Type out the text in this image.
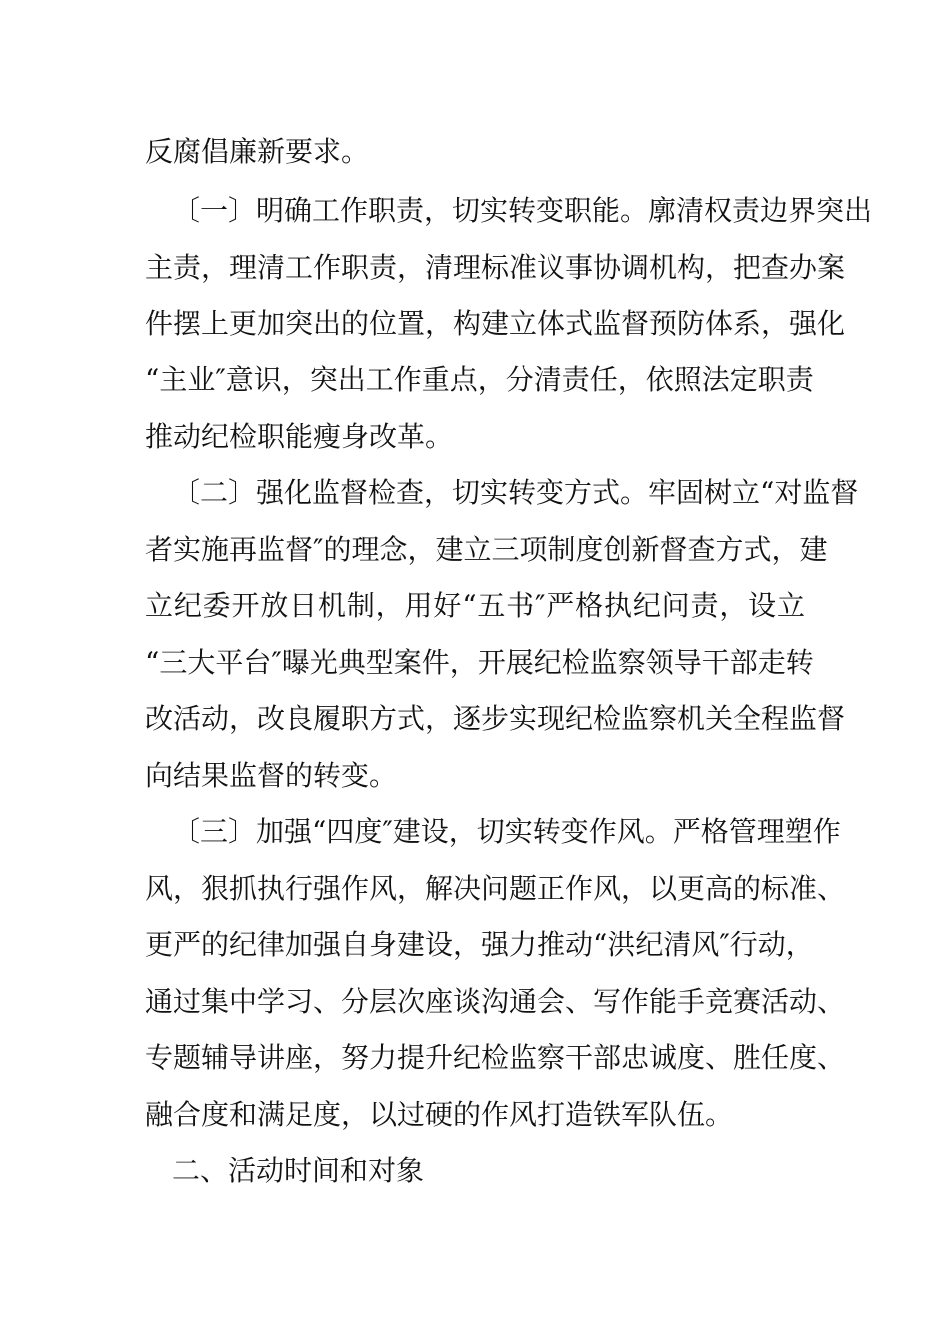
反腐倡廉新要求。

〔一〕明确工作职责，切实转变职能。廓清权责边界突出

主责，理清工作职责，清理标准议事协调机构，把查办案

件摆上更加突出的位置，构建立体式监督预防体系，强化

“主业″意识，突出工作重点，分清责任，依照法定职责

推动纪检职能瘦身改革。

〔二〕强化监督检查，切实转变方式。牢固树立“对监督

者实施再监督″的理念，建立三项制度创新督查方式，建

立纪委开放日机制，用好“五书″严格执纪问责，设立

“三大平台″曝光典型案件，开展纪检监察领导干部走转

改活动，改良履职方式，逐步实现纪检监察机关全程监督

向结果监督的转变。

〔三〕加强“四度″建设，切实转变作风。严格管理塑作

风，狠抓执行强作风，解决问题正作风，以更高的标准、

更严的纪律加强自身建设，强力推动“洪纪清风″行动，

通过集中学习、分层次座谈沟通会、写作能手竞赛活动、

专题辅导讲座，努力提升纪检监察干部忠诚度、胜任度、

融合度和满足度，以过硬的作风打造铁军队伍。

二、活动时间和对象
